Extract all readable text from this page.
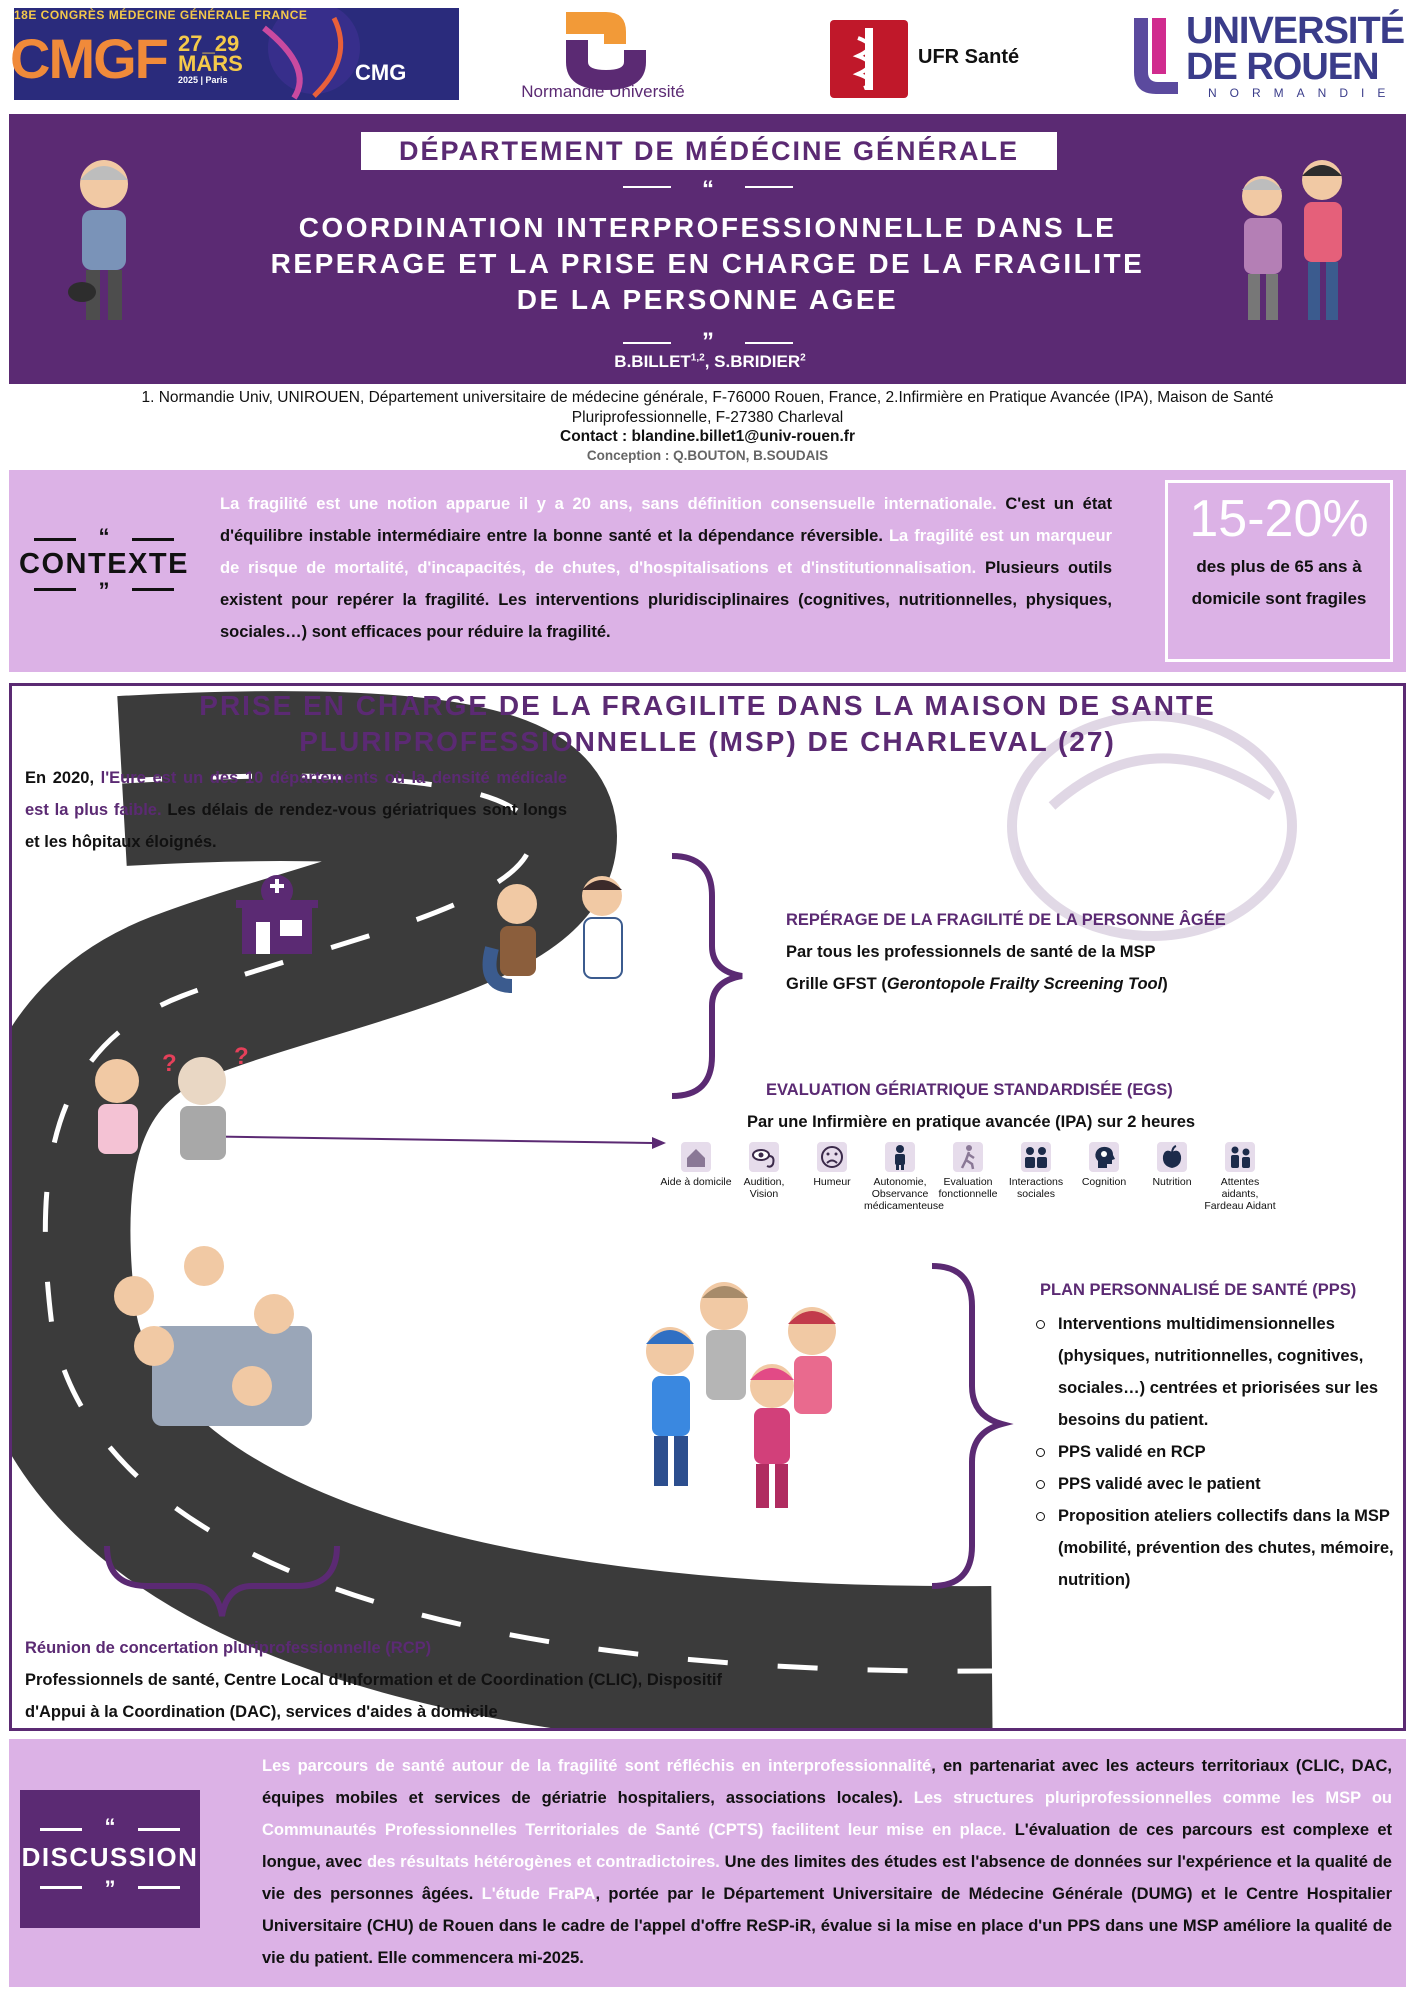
18E CONGRÈS MÉDECINE GÉNÉRALE FRANCE
CMGF 27_29
MARS
2025 | Paris	CMG
Normandie Université
UFR Santé
UNIVERSITÉ
DE ROUEN
NORMANDIE
DÉPARTEMENT DE MÉDÉCINE GÉNÉRALE
“
COORDINATION INTERPROFESSIONNELLE DANS LE
REPERAGE ET LA PRISE EN CHARGE DE LA FRAGILITE
DE LA PERSONNE AGEE
”
B.BILLET$^{1,2}$, S.BRIDIER$^2$
1. Normandie Univ, UNIROUEN, Département universitaire de médecine générale, F-76000 Rouen, France, 2.Infirmière en Pratique Avancée (IPA), Maison de Santé
Pluriprofessionnelle, F-27380 Charleval
Contact : blandine.billet1@univ-rouen.fr
Conception : Q.BOUTON, B.SOUDAIS
“
CONTEXTE
”
La fragilité est une notion apparue il y a 20 ans, sans définition consensuelle internationale. C'est un état d'équilibre instable intermédiaire entre la bonne santé et la dépendance réversible. La fragilité est un marqueur de risque de mortalité, d'incapacités, de chutes, d'hospitalisations et d'institutionnalisation. Plusieurs outils existent pour repérer la fragilité. Les interventions pluridisciplinaires (cognitives, nutritionnelles, physiques, sociales…) sont efficaces pour réduire la fragilité.
15-20%
des plus de 65 ans à domicile sont fragiles
? ?
PRISE EN CHARGE DE LA FRAGILITE DANS LA MAISON DE SANTE
PLURIPROFESSIONNELLE (MSP) DE CHARLEVAL (27)
En 2020, l'Eure est un des 10 départements où la densité médicale est la plus faible. Les délais de rendez-vous gériatriques sont longs et les hôpitaux éloignés.
REPÉRAGE DE LA FRAGILITÉ DE LA PERSONNE ÂGÉE
Par tous les professionnels de santé de la MSP
Grille GFST (Gerontopole Frailty Screening Tool)
EVALUATION GÉRIATRIQUE STANDARDISÉE (EGS)
Par une Infirmière en pratique avancée (IPA) sur 2 heures
Aide à domicile	Audition, Vision
Humeur	Autonomie, Observance médicamenteuse
Evaluation fonctionnelle
Interactions sociales
Cognition	Nutrition	Attentes aidants, Fardeau Aidant
PLAN PERSONNALISÉ DE SANTÉ (PPS)
Interventions multidimensionnelles (physiques, nutritionnelles, cognitives, sociales…) centrées et priorisées sur les besoins du patient.
PPS validé en RCP
PPS validé avec le patient
Proposition ateliers collectifs dans la MSP (mobilité, prévention des chutes, mémoire, nutrition)
Réunion de concertation pluriprofessionnelle (RCP)
Professionnels de santé, Centre Local d'Information et de Coordination (CLIC), Dispositif d'Appui à la Coordination (DAC), services d'aides à domicile
“
DISCUSSION
”
Les parcours de santé autour de la fragilité sont réfléchis en interprofessionnalité, en partenariat avec les acteurs territoriaux (CLIC, DAC, équipes mobiles et services de gériatrie hospitaliers, associations locales). Les structures pluriprofessionnelles comme les MSP ou Communautés Professionnelles Territoriales de Santé (CPTS) facilitent leur mise en place. L'évaluation de ces parcours est complexe et longue, avec des résultats hétérogènes et contradictoires. Une des limites des études est l'absence de données sur l'expérience et la qualité de vie des personnes âgées. L'étude FraPA, portée par le Département Universitaire de Médecine Générale (DUMG) et le Centre Hospitalier Universitaire (CHU) de Rouen dans le cadre de l'appel d'offre ReSP-iR, évalue si la mise en place d'un PPS dans une MSP améliore la qualité de vie du patient. Elle commencera mi-2025.
